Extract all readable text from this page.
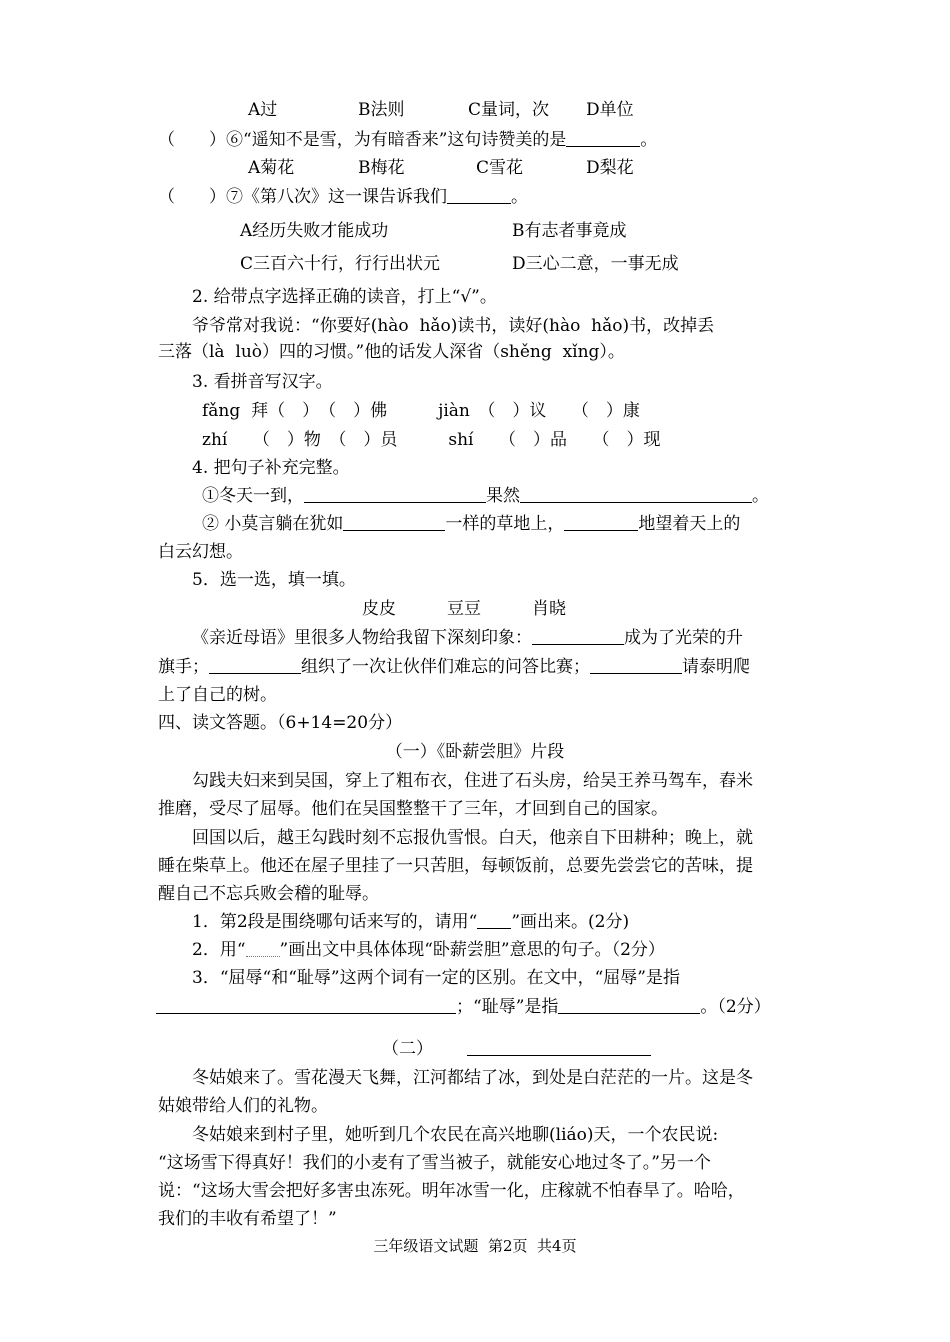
A过	B法则	C量词，次 D单位
（　　）⑥“遥知不是雪，为有暗香来”这句诗赞美的是	。
A菊花	B梅花	C雪花	D梨花
（　　）⑦《第八次》这一课告诉我们	。
A经历失败才能成功	B有志者事竟成
C三百六十行，行行出状元	D三心二意，一事无成
2. 给带点字选择正确的读音，打上“√”。
爷爷常对我说：“你要好(hào  hǎo)读书，读好(hào  hǎo)书，改掉丢
三落（là  luò）四的习惯。”他的话发人深省（shěng  xǐng）。
3. 看拼音写汉字。
fǎng  拜（　）　（　）佛　　　jiàn　（　）议　　（　）康
zhí　　（　）物　（　）员　　　shí　　（　）品　　（　）现
4. 把句子补充完整。
①冬天一到，	果然	。
② 小莫言躺在犹如	一样的草地上，	地望着天上的
白云幻想。
5．选一选，填一填。
皮皮　　　豆豆　　　肖晓
《亲近母语》里很多人物给我留下深刻印象：	成为了光荣的升
旗手；	组织了一次让伙伴们难忘的问答比赛；	请泰明爬
上了自己的树。
四、读文答题。（6+14=20分）
（一）《卧薪尝胆》片段
勾践夫妇来到吴国，穿上了粗布衣，住进了石头房，给吴王养马驾车，舂米
推磨，受尽了屈辱。他们在吴国整整干了三年，才回到自己的国家。
回国以后，越王勾践时刻不忘报仇雪恨。白天，他亲自下田耕种；晚上，就
睡在柴草上。他还在屋子里挂了一只苦胆，每顿饭前，总要先尝尝它的苦味，提
醒自己不忘兵败会稽的耻辱。
1．第2段是围绕哪句话来写的，请用“ ”画出来。(2分)
2．用“ ”画出文中具体体现“卧薪尝胆”意思的句子。（2分）
3．“屈辱“和“耻辱”这两个词有一定的区别。在文中，“屈辱”是指
；“耻辱”是指	。（2分）
（二）
冬姑娘来了。雪花漫天飞舞，江河都结了冰，到处是白茫茫的一片。这是冬
姑娘带给人们的礼物。
冬姑娘来到村子里，她听到几个农民在高兴地聊(liáo)天，一个农民说:
“这场雪下得真好！我们的小麦有了雪当被子，就能安心地过冬了。”另一个
说：“这场大雪会把好多害虫冻死。明年冰雪一化，庄稼就不怕春旱了。哈哈，
我们的丰收有希望了！”
三年级语文试题  第2页  共4页
